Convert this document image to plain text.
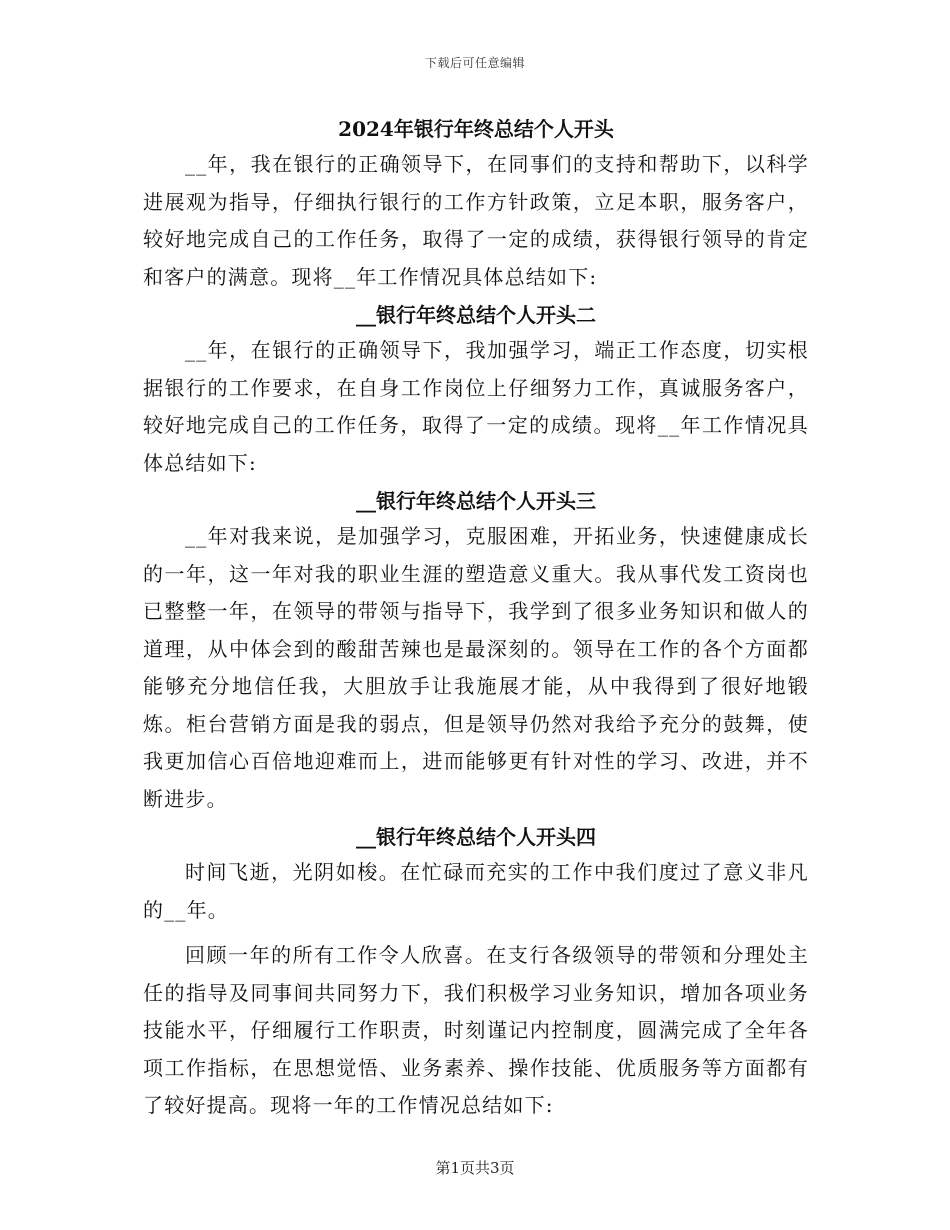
下载后可任意编辑
2024年银行年终总结个人开头

__年，我在银行的正确领导下，在同事们的支持和帮助下，以科学进展观为指导，仔细执行银行的工作方针政策，立足本职，服务客户，较好地完成自己的工作任务，取得了一定的成绩，获得银行领导的肯定和客户的满意。现将__年工作情况具体总结如下:

__银行年终总结个人开头二

__年，在银行的正确领导下，我加强学习，端正工作态度，切实根据银行的工作要求，在自身工作岗位上仔细努力工作，真诚服务客户，较好地完成自己的工作任务，取得了一定的成绩。现将__年工作情况具体总结如下:

__银行年终总结个人开头三

__年对我来说，是加强学习，克服困难，开拓业务，快速健康成长的一年，这一年对我的职业生涯的塑造意义重大。我从事代发工资岗也已整整一年，在领导的带领与指导下，我学到了很多业务知识和做人的道理，从中体会到的酸甜苦辣也是最深刻的。领导在工作的各个方面都能够充分地信任我，大胆放手让我施展才能，从中我得到了很好地锻炼。柜台营销方面是我的弱点，但是领导仍然对我给予充分的鼓舞，使我更加信心百倍地迎难而上，进而能够更有针对性的学习、改进，并不断进步。

__银行年终总结个人开头四

时间飞逝，光阴如梭。在忙碌而充实的工作中我们度过了意义非凡的__年。

回顾一年的所有工作令人欣喜。在支行各级领导的带领和分理处主任的指导及同事间共同努力下，我们积极学习业务知识，增加各项业务技能水平，仔细履行工作职责，时刻谨记内控制度，圆满完成了全年各项工作指标，在思想觉悟、业务素养、操作技能、优质服务等方面都有了较好提高。现将一年的工作情况总结如下:

第1页共3页
